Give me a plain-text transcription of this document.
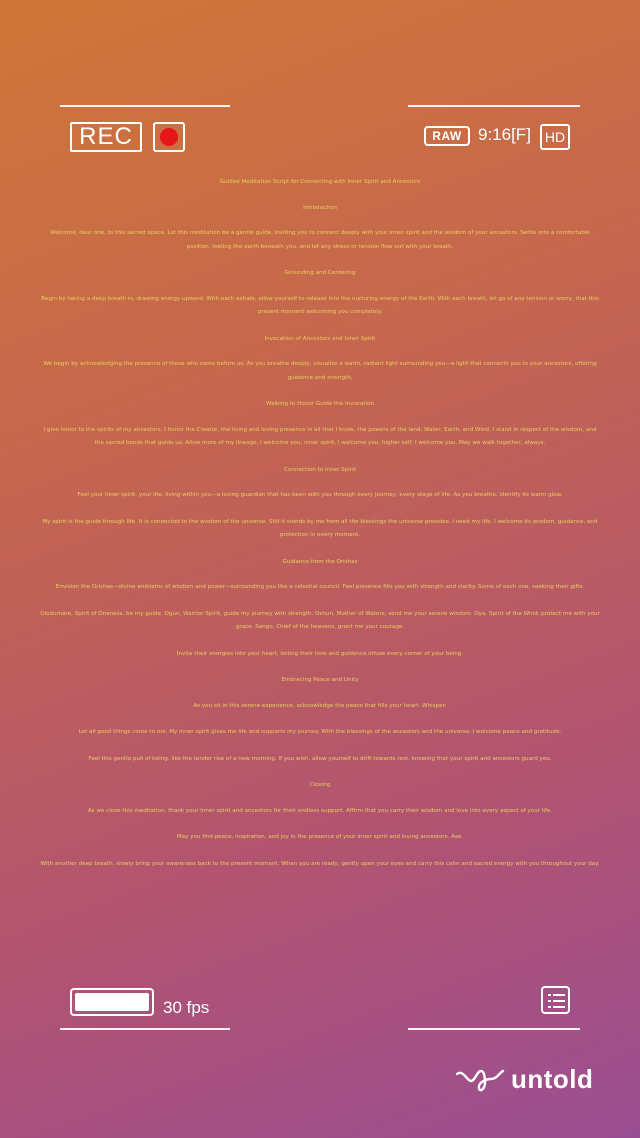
REC	RAW 9:16[F] HD

Guided Meditation Script for Connecting with Inner Spirit and Ancestors

Introduction

Welcome, dear one, to this sacred space. Let this meditation be a gentle guide, inviting you to connect deeply with your inner spirit and the wisdom of your ancestors. Settle into a comfortable position, feeling the earth beneath you, and let any stress or tension flow out with your breath.

Grounding and Centering

Begin by taking a deep breath in, drawing energy upward. With each exhale, allow yourself to release into the nurturing energy of the Earth. With each breath, let go of any tension or worry, that this present moment welcoming you completely.

Invocation of Ancestors and Inner Spirit

We begin by acknowledging the presence of those who came before us. As you breathe deeply, visualize a warm, radiant light surrounding you—a light that connects you to your ancestors, offering guidance and strength.

Walking to Honor Guide the Invocation

I give honor to the spirits of my ancestors. I honor the Creator, the living and loving presence in all that I know, the powers of the land, Water, Earth, and Wind. I stand in respect of the wisdom, and the sacred bonds that guide us. Allow more of my lineage, I welcome you, inner spirit, I welcome you, higher self, I welcome you. May we walk together, always.

Connection to Inner Spirit

Feel your inner spirit, your life, living within you—a loving guardian that has been with you through every journey, every stage of life. As you breathe, identify its warm glow.

My spirit is the guide through life. It is connected to the wisdom of the universe. Still it stands by me from all the blessings the universe provides. I need my life. I welcome its wisdom, guidance, and protection in every moment.

Guidance from the Orishas

Envision the Orishas—divine emblems of wisdom and power—surrounding you like a celestial council. Feel presence fills you with strength and clarity. Some of each one, seeking their gifts.

Olodumare, Spirit of Oneness, be my guide. Ogun, Warrior Spirit, guide my journey with strength. Oshun, Mother of Waters, send me your serene wisdom. Oya, Spirit of the Wind, protect me with your grace. Sango, Chief of the heavens, grant me your courage.

Invite their energies into your heart, letting their love and guidance infuse every corner of your being.

Embracing Peace and Unity

As you sit in this serene experience, acknowledge the peace that fills your heart. Whisper:

Let all good things come to me. My inner spirit gives me life and supports my journey. With the blessings of the ancestors and the universe, I welcome peace and gratitude.

Feel this gentle pull of being, like the tender rise of a new morning. If you wish, allow yourself to drift towards rest, knowing that your spirit and ancestors guard you.

Closing

As we close this meditation, thank your inner spirit and ancestors for their endless support. Affirm that you carry their wisdom and love into every aspect of your life.

May you find peace, inspiration, and joy in the presence of your inner spirit and loving ancestors. Ase.

With another deep breath, slowly bring your awareness back to the present moment. When you are ready, gently open your eyes and carry this calm and sacred energy with you throughout your day.

30 fps
untold
